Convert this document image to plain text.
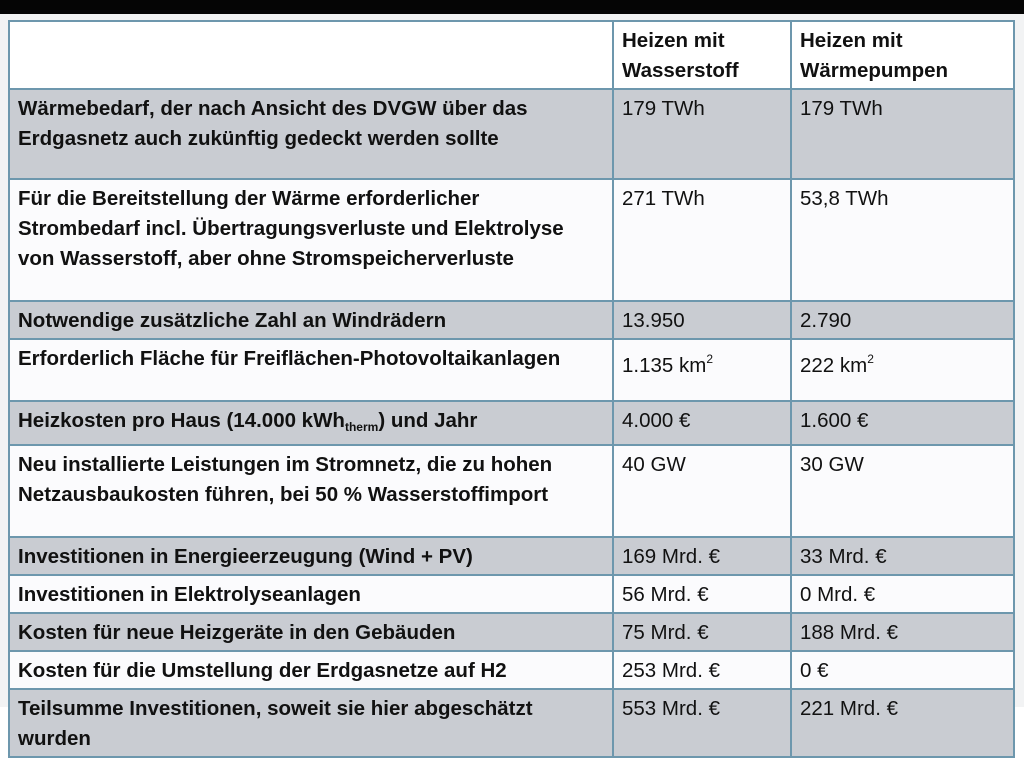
	Heizen mit Wasserstoff	Heizen mit Wärmepumpen
Wärmebedarf, der nach Ansicht des DVGW über das Erdgasnetz auch zukünftig gedeckt werden sollte	179 TWh	179 TWh
Für die Bereitstellung der Wärme erforderlicher Strombedarf incl. Übertragungsverluste und Elektrolyse von Wasserstoff, aber ohne Stromspeicherverluste	271 TWh	53,8 TWh
Notwendige zusätzliche Zahl an Windrädern	13.950	2.790
Erforderlich Fläche für Freiflächen-Photovoltaikanlagen	1.135 $km^2$	222 $km^2$
Heizkosten pro Haus (14.000 kWh$_{therm}$) und Jahr	4.000 €	1.600 €
Neu installierte Leistungen im Stromnetz, die zu hohen Netzausbaukosten führen, bei 50 % Wasserstoffimport	40 GW	30 GW
Investitionen in Energieerzeugung (Wind + PV)	169 Mrd. €	33 Mrd. €
Investitionen in Elektrolyseanlagen	56 Mrd. €	0 Mrd. €
Kosten für neue Heizgeräte in den Gebäuden	75 Mrd. €	188 Mrd. €
Kosten für die Umstellung der Erdgasnetze auf H2	253 Mrd. €	0 €
Teilsumme Investitionen, soweit sie hier abgeschätzt wurden	553 Mrd. €	221 Mrd. €
